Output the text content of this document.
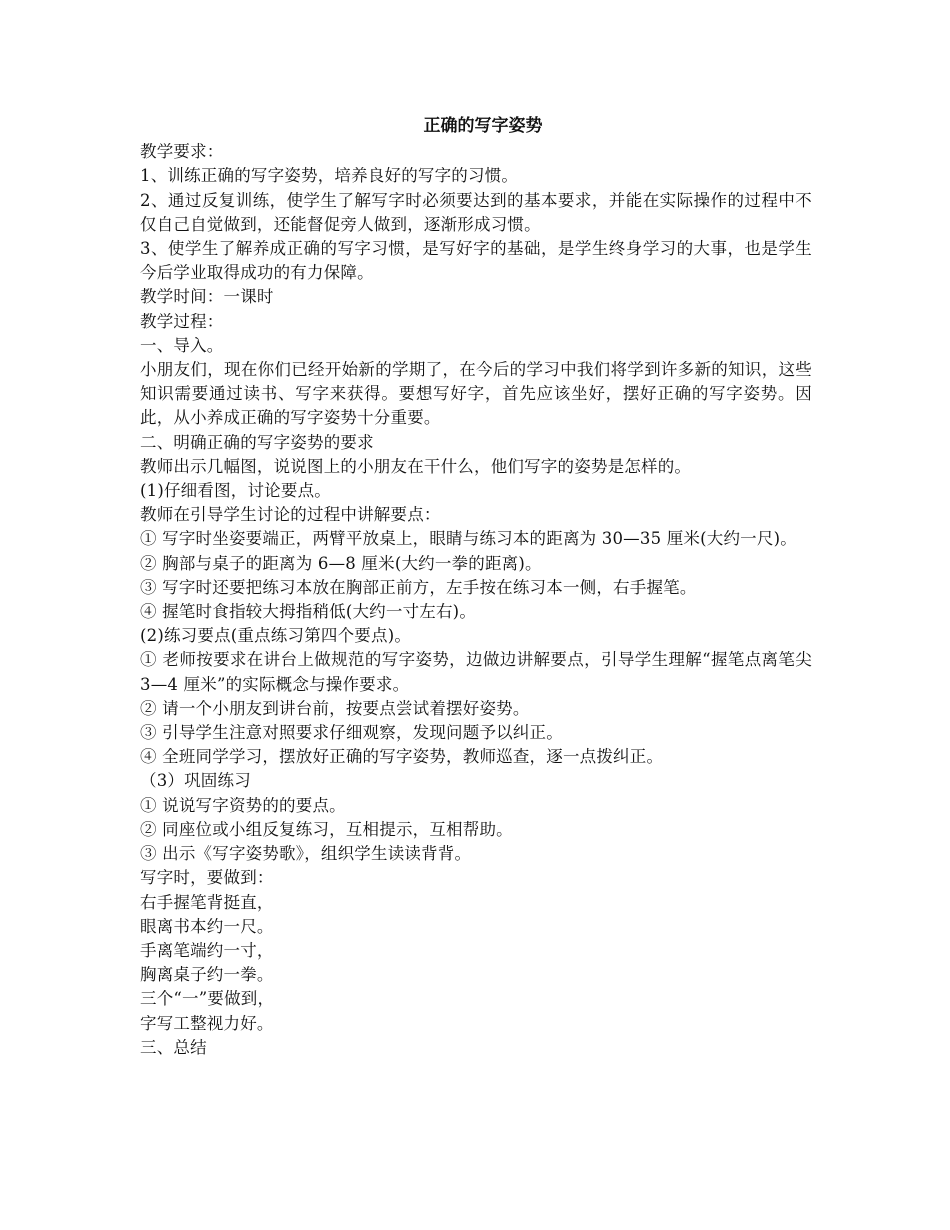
正确的写字姿势

教学要求：

1、训练正确的写字姿势，培养良好的写字的习惯。

2、通过反复训练，使学生了解写字时必须要达到的基本要求，并能在实际操作的过程中不仅自己自觉做到，还能督促旁人做到，逐渐形成习惯。

3、使学生了解养成正确的写字习惯，是写好字的基础，是学生终身学习的大事，也是学生今后学业取得成功的有力保障。

教学时间：一课时

教学过程：

一、导入。

小朋友们，现在你们已经开始新的学期了，在今后的学习中我们将学到许多新的知识，这些知识需要通过读书、写字来获得。要想写好字，首先应该坐好，摆好正确的写字姿势。因此，从小养成正确的写字姿势十分重要。

二、明确正确的写字姿势的要求

教师出示几幅图，说说图上的小朋友在干什么，他们写字的姿势是怎样的。

(1)仔细看图，讨论要点。

教师在引导学生讨论的过程中讲解要点：

① 写字时坐姿要端正，两臂平放桌上，眼睛与练习本的距离为 30—35 厘米(大约一尺)。

② 胸部与桌子的距离为 6—8 厘米(大约一拳的距离)。

③ 写字时还要把练习本放在胸部正前方，左手按在练习本一侧，右手握笔。

④ 握笔时食指较大拇指稍低(大约一寸左右)。

(2)练习要点(重点练习第四个要点)。

① 老师按要求在讲台上做规范的写字姿势，边做边讲解要点，引导学生理解“握笔点离笔尖 3—4 厘米”的实际概念与操作要求。

② 请一个小朋友到讲台前，按要点尝试着摆好姿势。

③ 引导学生注意对照要求仔细观察，发现问题予以纠正。

④ 全班同学学习，摆放好正确的写字姿势，教师巡查，逐一点拨纠正。

（3）巩固练习

① 说说写字资势的的要点。

② 同座位或小组反复练习，互相提示，互相帮助。

③ 出示《写字姿势歌》，组织学生读读背背。

写字时，要做到：

右手握笔背挺直，

眼离书本约一尺。

手离笔端约一寸，

胸离桌子约一拳。

三个“一”要做到，

字写工整视力好。

三、总结
